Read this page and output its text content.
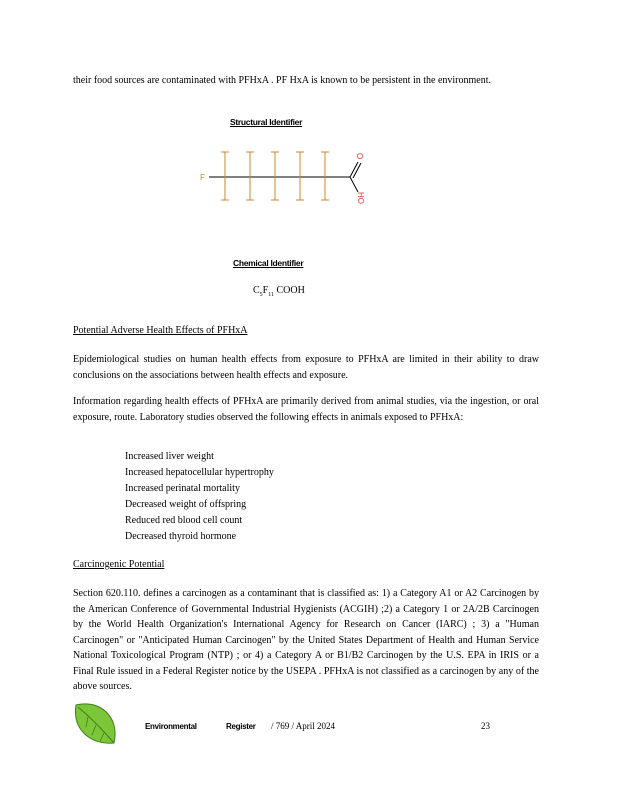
their food sources are contaminated with PFHxA . PF HxA is known to be persistent in the environment.

Structural Identifier
F
O
HO
Chemical Identifier
$C_5F_{11}$ COOH
Potential Adverse Health Effects of PFHxA

Epidemiological studies on human health effects from exposure to PFHxA are limited in their ability to draw conclusions on the associations between health effects and exposure.

Information regarding health effects of PFHxA are primarily derived from animal studies, via the ingestion, or oral exposure, route. Laboratory studies observed the following effects in animals exposed to PFHxA:

Increased liver weight
Increased hepatocellular hypertrophy
Increased perinatal mortality
Decreased weight of offspring
Reduced red blood cell count
Decreased thyroid hormone
Carcinogenic Potential

Section 620.110. defines a carcinogen as a contaminant that is classified as: 1) a Category A1 or A2 Carcinogen by the American Conference of Governmental Industrial Hygienists (ACGIH) ;2) a Category 1 or 2A/2B Carcinogen by the World Health Organization's International Agency for Research on Cancer (IARC) ; 3) a "Human Carcinogen" or "Anticipated Human Carcinogen" by the United States Department of Health and Human Service National Toxicological Program (NTP) ; or 4) a Category A or B1/B2 Carcinogen by the U.S. EPA in IRIS or a Final Rule issued in a Federal Register notice by the USEPA . PFHxA is not classified as a carcinogen by any of the above sources.

Environmental	Register / 769 / April 2024	23
